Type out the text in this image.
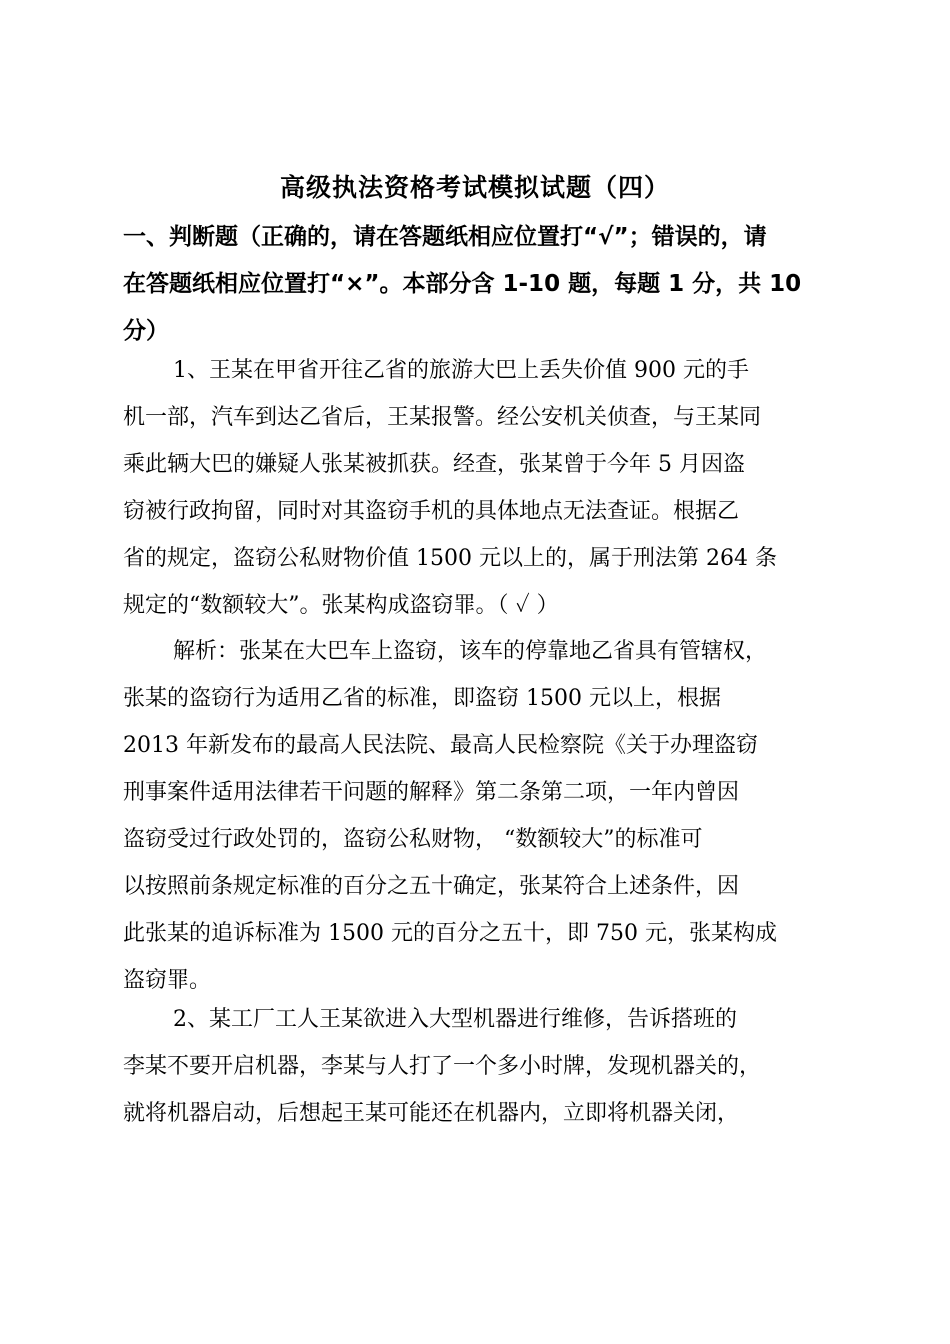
高级执法资格考试模拟试题（四）
一、判断题（正确的，请在答题纸相应位置打“√”；错误的，请
在答题纸相应位置打“×”。本部分含 1-10 题，每题 1 分，共 10
分）
1、王某在甲省开往乙省的旅游大巴上丢失价值 900 元的手
机一部，汽车到达乙省后，王某报警。经公安机关侦查，与王某同
乘此辆大巴的嫌疑人张某被抓获。经查，张某曾于今年 5 月因盗
窃被行政拘留，同时对其盗窃手机的具体地点无法查证。根据乙
省的规定，盗窃公私财物价值 1500 元以上的，属于刑法第 264 条
规定的“数额较大”。张某构成盗窃罪。（ ✓ ）
解析：张某在大巴车上盗窃，该车的停靠地乙省具有管辖权，
张某的盗窃行为适用乙省的标准，即盗窃 1500 元以上，根据
2013 年新发布的最高人民法院、最高人民检察院《关于办理盗窃
刑事案件适用法律若干问题的解释》第二条第二项，一年内曾因
盗窃受过行政处罚的，盗窃公私财物， “数额较大”的标准可
以按照前条规定标准的百分之五十确定，张某符合上述条件，因
此张某的追诉标准为 1500 元的百分之五十，即 750 元，张某构成
盗窃罪。
2、某工厂工人王某欲进入大型机器进行维修，告诉搭班的
李某不要开启机器，李某与人打了一个多小时牌，发现机器关的，
就将机器启动，后想起王某可能还在机器内，立即将机器关闭，
